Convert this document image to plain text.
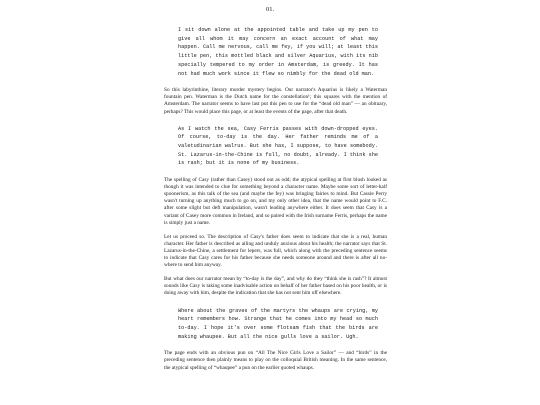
01.

I sit down alone at the appointed table and take up my pen to give all whom it may concern an exact account of what may happen. Call me nervous, call me fey, if you will; at least this little pen, this mottled black and silver Aquarius, with its nib specially tempered to my order in Amsterdam, is greedy. It has not had much work since it flew so nimbly for the dead old man.

So this labyrinthine, literary murder mystery begins. Our narrator's Aquarius is likely a Waterman fountain pen. Waterman is the Dutch name for the constellation¹; this squares with the mention of Amsterdam. The narrator seems to have last put this pen to use for the “dead old man” — an obituary, perhaps? This would place this page, or at least the events of the page, after that death.

As I watch the sea, Casy Ferris passes with down-dropped eyes. Of course, to-day is the day. Her father reminds me of a valetudinarian walrus. But she has, I suppose, to have somebody. St. Lazarus-in-the-Chine is full, no doubt, already. I think she is rash; but it is none of my business.

The spelling of Casy (rather than Casey) stood out as odd; the atypical spelling at first blush looked as though it was intended to clue for something beyond a character name. Maybe some sort of letter-half spoonerism, as this talk of the sea (and maybe the fey) was bringing fairies to mind. But Cassie Perry wasn't turning up anything much to go on, and my only other idea, that the name would point to F.C. after some slight but deft manipulation, wasn't leading anywhere either. It does seem that Casy is a variant of Casey more common in Ireland, and so paired with the Irish surname Ferris, perhaps the name is simply just a name.

Let us proceed so. The description of Casy's father does seem to indicate that she is a real, human character. Her father is described as ailing and unduly anxious about his health; the narrator says that St. Lazarus-in-the-Chine, a settlement for lepers, was full, which along with the preceding sentence seems to indicate that Casy cares for his father because she needs someone around and there is after all no-where to send him anyway.

But what does our narrator mean by “to-day is the day”, and why do they “think she is rash”? It almost sounds like Casy is taking some inadvisable action on behalf of her father based on his poor health, or is doing away with him, despite the indication that she has not sent him off elsewhere.

Where about the graves of the martyrs the whaups are crying, my heart remembers how. Strange that he comes into my head so much to-day. I hope it's over some flotsam fish that the birds are making whaupee. But all the nice gulls love a sailor. Ugh.

The page ends with an obvious pun on “All The Nice Girls Love a Sailor” — and “birds” in the preceding sentence then plainly means to play on the colloquial British meaning. In the same sentence, the atypical spelling of “whaupee” a pun on the earlier quoted whaups.
